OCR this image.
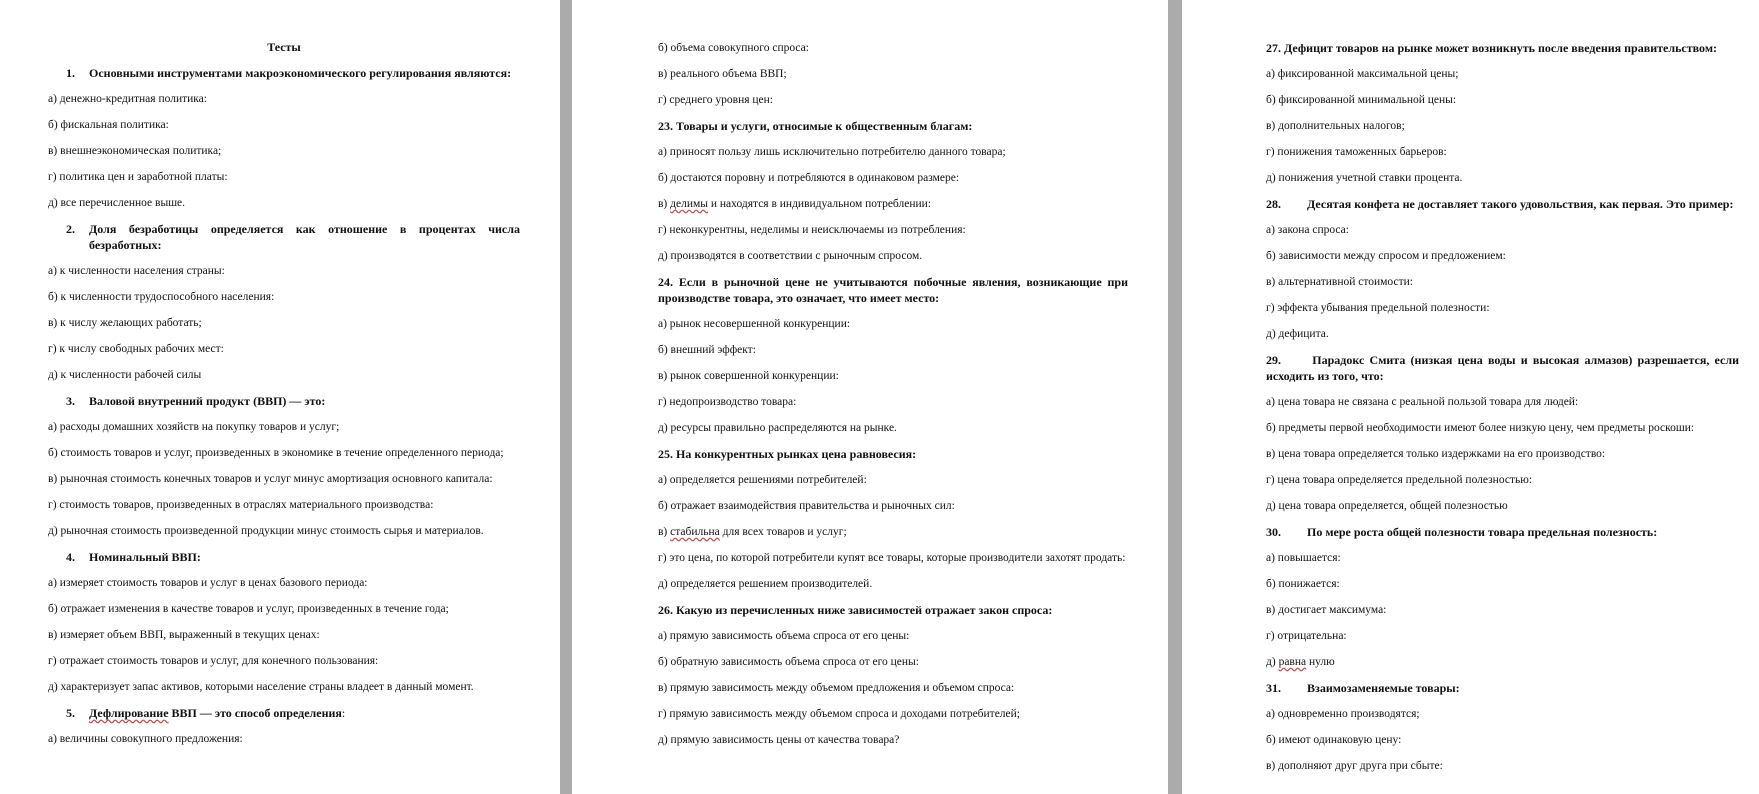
Тесты
1. Основными инструментами макроэкономического регулирования являются:
а) денежно-кредитная политика:
б) фискальная политика:
в) внешнеэкономическая политика;
г) политика цен и заработной платы:
д) все перечисленное выше.
2. Доля безработицы определяется как отношение в процентах числа безработных:
а) к численности населения страны:
б) к численности трудоспособного населения:
в) к числу желающих работать;
г) к числу свободных рабочих мест:
д) к численности рабочей силы
3. Валовой внутренний продукт (ВВП) — это:
а) расходы домашних хозяйств на покупку товаров и услуг;
б) стоимость товаров и услуг, произведенных в экономике в течение определенного периода;
в) рыночная стоимость конечных товаров и услуг минус амортизация основного капитала:
г) стоимость товаров, произведенных в отраслях материального производства:
д) рыночная стоимость произведенной продукции минус стоимость сырья и материалов.
4. Номинальный ВВП:
а) измеряет стоимость товаров и услуг в ценах базового периода:
б) отражает изменения в качестве товаров и услуг, произведенных в течение года;
в) измеряет объем ВВП, выраженный в текущих ценах:
г) отражает стоимость товаров и услуг, для конечного пользования:
д) характеризует запас активов, которыми население страны владеет в данный момент.
5. Дефлирование ВВП — это способ определения:
а) величины совокупного предложения:
б) объема совокупного спроса:
в) реального объема ВВП;
г) среднего уровня цен:
23. Товары и услуги, относимые к общественным благам:
а) приносят пользу лишь исключительно потребителю данного товара;
б) достаются поровну и потребляются в одинаковом размере:
в) делимы и находятся в индивидуальном потреблении:
г) неконкурентны, неделимы и неисключаемы из потребления:
д) производятся в соответствии с рыночным спросом.
24. Если в рыночной цене не учитываются побочные явления, возникающие при производстве товара, это означает, что имеет место:
а) рынок несовершенной конкуренции:
б) внешний эффект:
в) рынок совершенной конкуренции:
г) недопроизводство товара:
д) ресурсы правильно распределяются на рынке.
25. На конкурентных рынках цена равновесия:
а) определяется решениями потребителей:
б) отражает взаимодействия правительства и рыночных сил:
в) стабильна для всех товаров и услуг;
г) это цена, по которой потребители купят все товары, которые производители захотят продать:
д) определяется решением производителей.
26. Какую из перечисленных ниже зависимостей отражает закон спроса:
а) прямую зависимость объема спроса от его цены:
б) обратную зависимость объема спроса от его цены:
в) прямую зависимость между объемом предложения и объемом спроса:
г) прямую зависимость между объемом спроса и доходами потребителей;
д) прямую зависимость цены от качества товара?
27. Дефицит товаров на рынке может возникнуть после введения правительством:
а) фиксированной максимальной цены;
б) фиксированной минимальной цены:
в) дополнительных налогов;
г) понижения таможенных барьеров:
д) понижения учетной ставки процента.
28. Десятая конфета не доставляет такого удовольствия, как первая. Это пример:
а) закона спроса:
б) зависимости между спросом и предложением:
в) альтернативной стоимости:
г) эффекта убывания предельной полезности:
д) дефицита.
29.	Парадокс Смита (низкая цена воды и высокая алмазов) разрешается, если исходить из того, что:
а) цена товара не связана с реальной пользой товара для людей:
б) предметы первой необходимости имеют более низкую цену, чем предметы роскоши:
в) цена товара определяется только издержками на его производство:
г) цена товара определяется предельной полезностью:
д) цена товара определяется, общей полезностью
30. По мере роста общей полезности товара предельная полезность:
а) повышается:
б) понижается:
в) достигает максимума:
г) отрицательна:
д) равна нулю
31. Взаимозаменяемые товары:
а) одновременно производятся;
б) имеют одинаковую цену:
в) дополняют друг друга при сбыте:
